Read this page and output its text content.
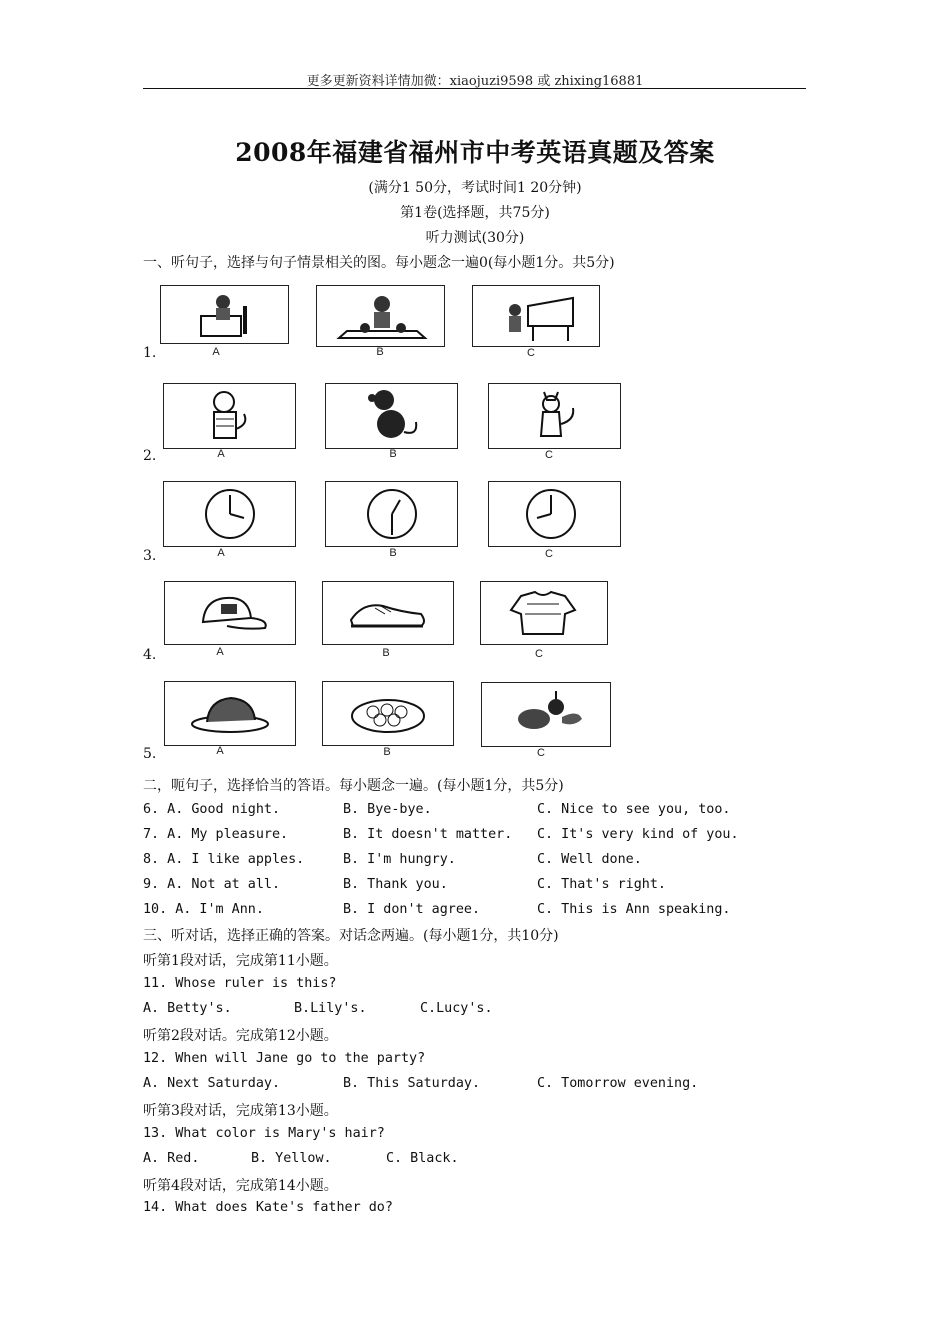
更多更新资料详情加微：xiaojuzi9598 或 zhixing16881
2008年福建省福州市中考英语真题及答案
(满分1 50分，考试时间1 20分钟)
第1卷(选择题，共75分)
听力测试(30分)
一、听句子，选择与句子情景相关的图。每小题念一遍0(每小题1分。共5分)
1.	A	B	C
2.	A	B	C
3.	A	B	C
4.	A	B	C
5.	A	B	C
二，呃句子，选择恰当的答语。每小题念一遍。(每小题1分，共5分)
6. A. Good night.	B. Bye-bye.	C. Nice to see you, too.
7. A. My pleasure.	B. It doesn't matter. C. It's very kind of you.
8. A. I like apples.	B. I'm hungry.	C. Well done.
9. A. Not at all.	B. Thank you.	C. That's right.
10. A. I'm Ann.	B. I don't agree.	C. This is Ann speaking.
三、听对话，选择正确的答案。对话念两遍。(每小题1分，共10分)
听第1段对话，完成第11小题。
11. Whose ruler is this?
A. Betty's.	B.Lily's.	C.Lucy's.
听第2段对话。完成第12小题。
12. When will Jane go to the party?
A. Next Saturday.	B. This Saturday.	C. Tomorrow evening.
听第3段对话，完成第13小题。
13. What color is Mary's hair?
A. Red.	B. Yellow.	C. Black.
听第4段对话，完成第14小题。
14. What does Kate's father do?
